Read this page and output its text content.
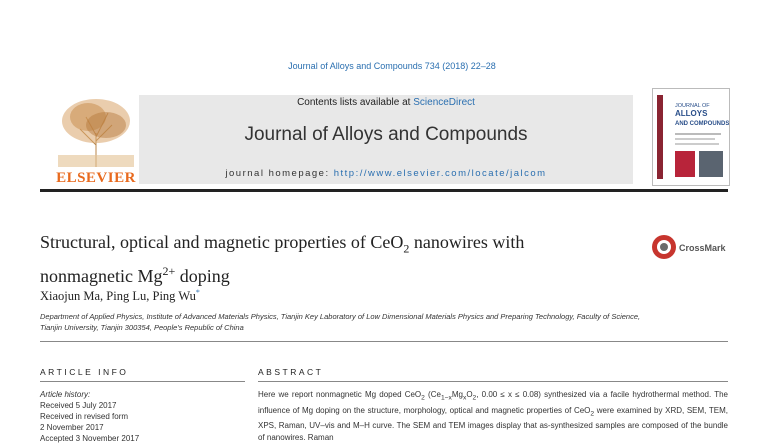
Journal of Alloys and Compounds 734 (2018) 22–28
ELSEVIER
Contents lists available at ScienceDirect
Journal of Alloys and Compounds
journal homepage: http://www.elsevier.com/locate/jalcom
JOURNAL OF
ALLOYS
AND COMPOUNDS
Structural, optical and magnetic properties of CeO$_2$ nanowires with
nonmagnetic $Mg^{2+}$ doping
CrossMark
Xiaojun Ma, Ping Lu, Ping Wu*
Department of Applied Physics, Institute of Advanced Materials Physics, Tianjin Key Laboratory of Low Dimensional Materials Physics and Preparing Technology, Faculty of Science, Tianjin University, Tianjin 300354, People's Republic of China
ARTICLE INFO
Article history:
Received 5 July 2017
Received in revised form
2 November 2017
Accepted 3 November 2017
ABSTRACT
Here we report nonmagnetic Mg doped CeO$_2$ ($Ce_{1-x}Mg_xO_2$, 0.00 ≤ x ≤ 0.08) synthesized via a facile hydrothermal method. The influence of Mg doping on the structure, morphology, optical and magnetic properties of CeO$_2$ were examined by XRD, SEM, TEM, XPS, Raman, UV–vis and M–H curve. The SEM and TEM images display that as-synthesized samples are composed of the bundle of nanowires. Raman
